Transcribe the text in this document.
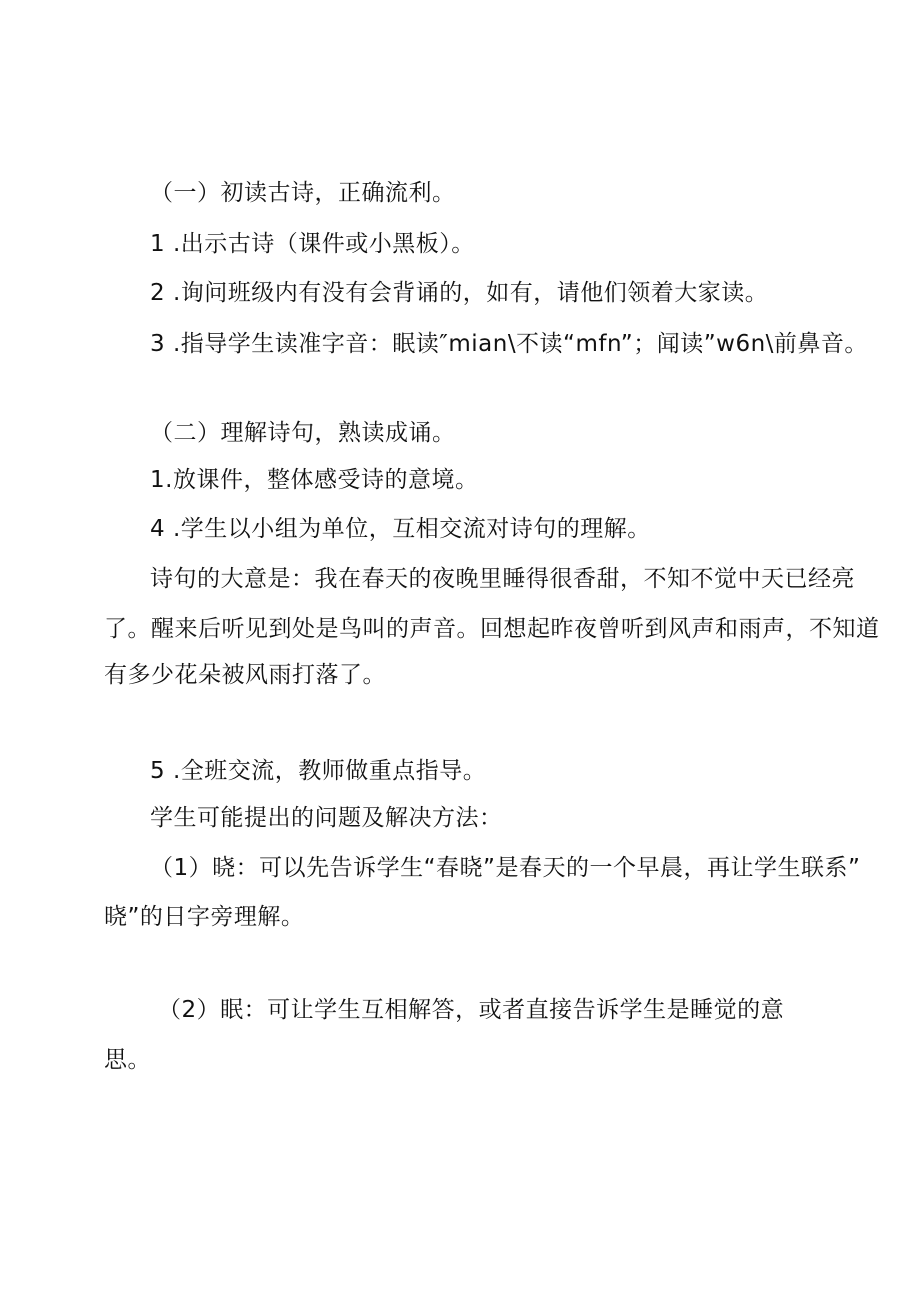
（一）初读古诗，正确流利。
1 .出示古诗（课件或小黑板）。
2 .询问班级内有没有会背诵的，如有，请他们领着大家读。
3 .指导学生读准字音：眠读″mian\不读“mfn”；闻读”w6n\前鼻音。
（二）理解诗句，熟读成诵。
1.放课件，整体感受诗的意境。
4 .学生以小组为单位，互相交流对诗句的理解。
诗句的大意是：我在春天的夜晚里睡得很香甜，不知不觉中天已经亮
了。醒来后听见到处是鸟叫的声音。回想起昨夜曾听到风声和雨声，不知道
有多少花朵被风雨打落了。
5 .全班交流，教师做重点指导。
学生可能提出的问题及解决方法：
（1）晓：可以先告诉学生“春晓”是春天的一个早晨，再让学生联系”
晓”的日字旁理解。
（2）眠：可让学生互相解答，或者直接告诉学生是睡觉的意
思。
